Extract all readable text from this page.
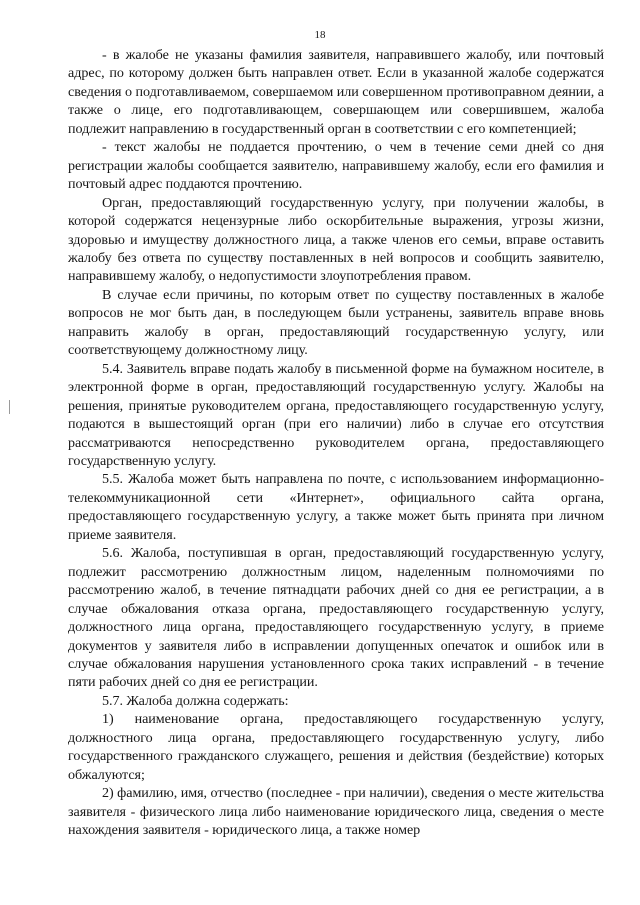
18

- в жалобе не указаны фамилия заявителя, направившего жалобу, или почтовый адрес, по которому должен быть направлен ответ. Если в указанной жалобе содержатся сведения о подготавливаемом, совершаемом или совершенном противоправном деянии, а также о лице, его подготавливающем, совершающем или совершившем, жалоба подлежит направлению в государственный орган в соответствии с его компетенцией;

- текст жалобы не поддается прочтению, о чем в течение семи дней со дня регистрации жалобы сообщается заявителю, направившему жалобу, если его фамилия и почтовый адрес поддаются прочтению.

Орган, предоставляющий государственную услугу, при получении жалобы, в которой содержатся нецензурные либо оскорбительные выражения, угрозы жизни, здоровью и имуществу должностного лица, а также членов его семьи, вправе оставить жалобу без ответа по существу поставленных в ней вопросов и сообщить заявителю, направившему жалобу, о недопустимости злоупотребления правом.

В случае если причины, по которым ответ по существу поставленных в жалобе вопросов не мог быть дан, в последующем были устранены, заявитель вправе вновь направить жалобу в орган, предоставляющий государственную услугу, или соответствующему должностному лицу.

5.4. Заявитель вправе подать жалобу в письменной форме на бумажном носителе, в электронной форме в орган, предоставляющий государственную услугу. Жалобы на решения, принятые руководителем органа, предоставляющего государственную услугу, подаются в вышестоящий орган (при его наличии) либо в случае его отсутствия рассматриваются непосредственно руководителем органа, предоставляющего государственную услугу.

5.5. Жалоба может быть направлена по почте, с использованием информационно-телекоммуникационной сети «Интернет», официального сайта органа, предоставляющего государственную услугу, а также может быть принята при личном приеме заявителя.

5.6. Жалоба, поступившая в орган, предоставляющий государственную услугу, подлежит рассмотрению должностным лицом, наделенным полномочиями по рассмотрению жалоб, в течение пятнадцати рабочих дней со дня ее регистрации, а в случае обжалования отказа органа, предоставляющего государственную услугу, должностного лица органа, предоставляющего государственную услугу, в приеме документов у заявителя либо в исправлении допущенных опечаток и ошибок или в случае обжалования нарушения установленного срока таких исправлений - в течение пяти рабочих дней со дня ее регистрации.

5.7. Жалоба должна содержать:

1) наименование органа, предоставляющего государственную услугу, должностного лица органа, предоставляющего государственную услугу, либо государственного гражданского служащего, решения и действия (бездействие) которых обжалуются;

2) фамилию, имя, отчество (последнее - при наличии), сведения о месте жительства заявителя - физического лица либо наименование юридического лица, сведения о месте нахождения заявителя - юридического лица, а также номер
